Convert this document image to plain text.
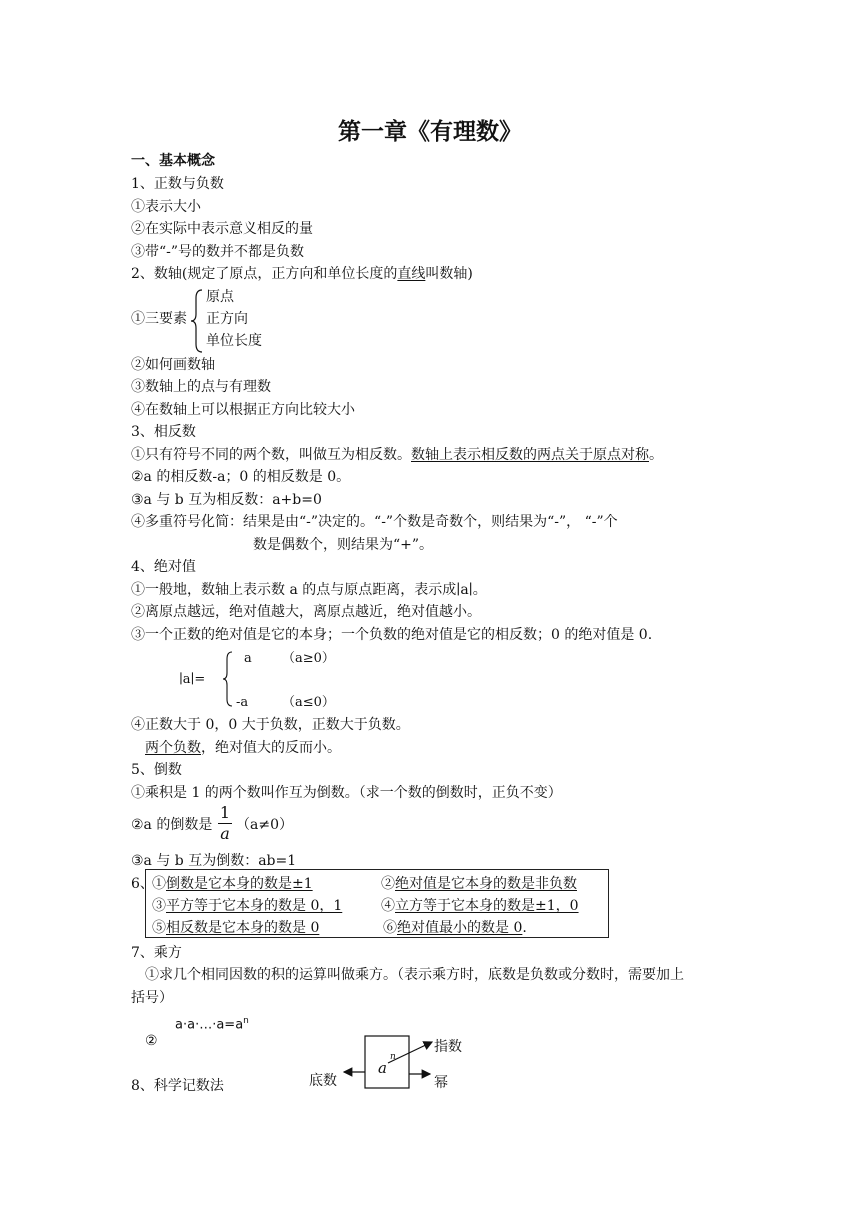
第一章《有理数》
一、基本概念
1、正数与负数
①表示大小
②在实际中表示意义相反的量
③带“-”号的数并不都是负数
2、数轴(规定了原点，正方向和单位长度的直线叫数轴)
①三要素
原点
正方向
单位长度
②如何画数轴
③数轴上的点与有理数
④在数轴上可以根据正方向比较大小
3、相反数
①只有符号不同的两个数，叫做互为相反数。数轴上表示相反数的两点关于原点对称。
②a 的相反数-a；0 的相反数是 0。
③a 与 b 互为相反数：a+b=0
④多重符号化简：结果是由“-”决定的。“-”个数是奇数个，则结果为“-”， “-”个
数是偶数个，则结果为“+”。
4、绝对值
①一般地，数轴上表示数 a 的点与原点距离，表示成∣a∣。
②离原点越远，绝对值越大，离原点越近，绝对值越小。
③一个正数的绝对值是它的本身；一个负数的绝对值是它的相反数；0 的绝对值是 0.
∣a∣=
a （a≥0）
-a	（a≤0）
④正数大于 0，0 大于负数，正数大于负数。
两个负数，绝对值大的反而小。
5、倒数
①乘积是 1 的两个数叫作互为倒数。（求一个数的倒数时，正负不变）
②a 的倒数是
1
a （a≠0）
③a 与 b 互为倒数：ab=1
6、
①倒数是它本身的数是±1	②绝对值是它本身的数是非负数
③平方等于它本身的数是 0，1	④立方等于它本身的数是±1，0
⑤相反数是它本身的数是 0	⑥绝对值最小的数是 0.
7、乘方
①求几个相同因数的积的运算叫做乘方。（表示乘方时，底数是负数或分数时，需要加上
括号）
$a\cdot a\cdot\dots\cdot a=a^n$
②
a
n
指数
底数	幂
8、科学记数法
